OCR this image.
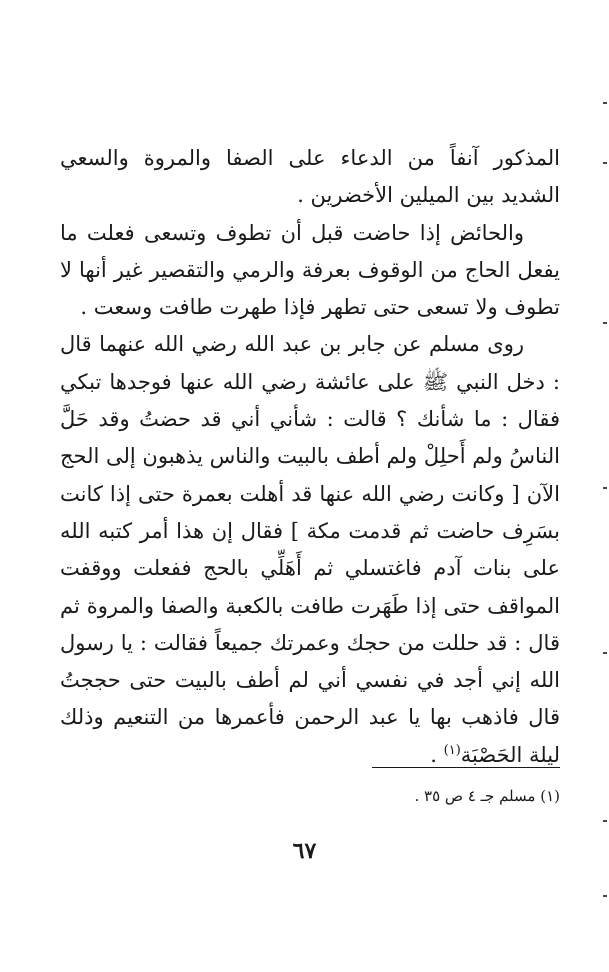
المذكور آنفاً من الدعاء على الصفا والمروة والسعي الشديد بين الميلين الأخضرين .

والحائض إذا حاضت قبل أن تطوف وتسعى فعلت ما يفعل الحاج من الوقوف بعرفة والرمي والتقصير غير أنها لا تطوف ولا تسعى حتى تطهر فإذا طهرت طافت وسعت .

روى مسلم عن جابر بن عبد الله رضي الله عنهما قال : دخل النبي ﷺ على عائشة رضي الله عنها فوجدها تبكي فقال : ما شأنك ؟ قالت : شأني أني قد حضتُ وقد حَلَّ الناسُ ولم أَحلِلْ ولم أطف بالبيت والناس يذهبون إلى الحج الآن [ وكانت رضي الله عنها قد أهلت بعمرة حتى إذا كانت بسَرِف حاضت ثم قدمت مكة ] فقال إن هذا أمر كتبه الله على بنات آدم فاغتسلي ثم أَهَلِّي بالحج ففعلت ووقفت المواقف حتى إذا طَهَرت طافت بالكعبة والصفا والمروة ثم قال : قد حللت من حجك وعمرتك جميعاً فقالت : يا رسول الله إني أجد في نفسي أني لم أطف بالبيت حتى حججتُ قال فاذهب بها يا عبد الرحمن فأعمرها من التنعيم وذلك ليلة الحَصْبَة$^{(١)}$ .

(١) مسلم جـ ٤ ص ٣٥ .
٦٧
